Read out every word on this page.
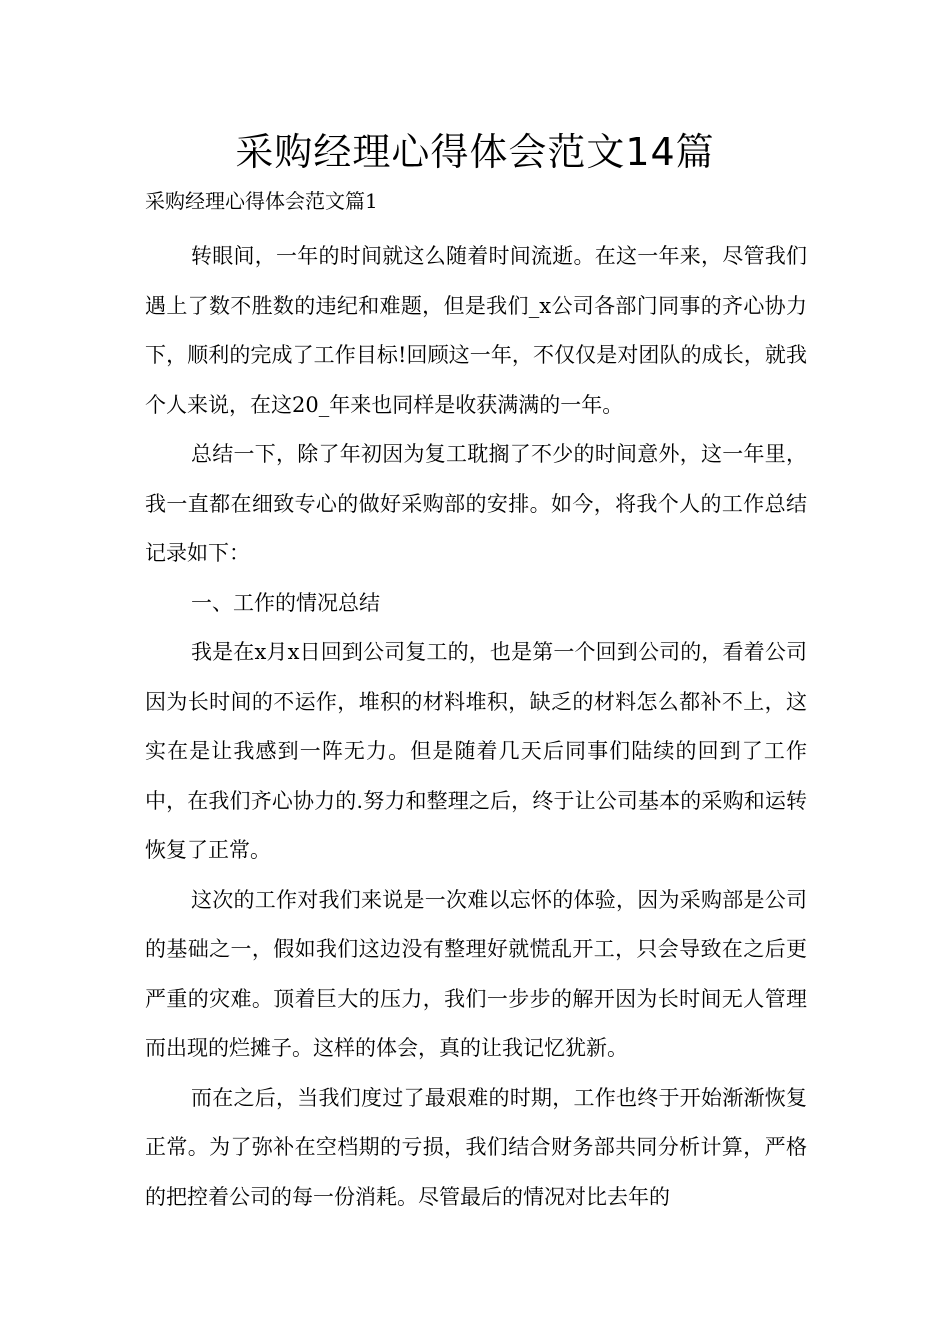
采购经理心得体会范文14篇
采购经理心得体会范文篇1

转眼间，一年的时间就这么随着时间流逝。在这一年来，尽管我们遇上了数不胜数的违纪和难题，但是我们_x公司各部门同事的齐心协力下，顺利的完成了工作目标!回顾这一年，不仅仅是对团队的成长，就我个人来说，在这20_年来也同样是收获满满的一年。

总结一下，除了年初因为复工耽搁了不少的时间意外，这一年里，我一直都在细致专心的做好采购部的安排。如今，将我个人的工作总结记录如下：

一、工作的情况总结

我是在x月x日回到公司复工的，也是第一个回到公司的，看着公司因为长时间的不运作，堆积的材料堆积，缺乏的材料怎么都补不上，这实在是让我感到一阵无力。但是随着几天后同事们陆续的回到了工作中，在我们齐心协力的.努力和整理之后，终于让公司基本的采购和运转恢复了正常。

这次的工作对我们来说是一次难以忘怀的体验，因为采购部是公司的基础之一，假如我们这边没有整理好就慌乱开工，只会导致在之后更严重的灾难。顶着巨大的压力，我们一步步的解开因为长时间无人管理而出现的烂摊子。这样的体会，真的让我记忆犹新。

而在之后，当我们度过了最艰难的时期，工作也终于开始渐渐恢复正常。为了弥补在空档期的亏损，我们结合财务部共同分析计算，严格的把控着公司的每一份消耗。尽管最后的情况对比去年的
